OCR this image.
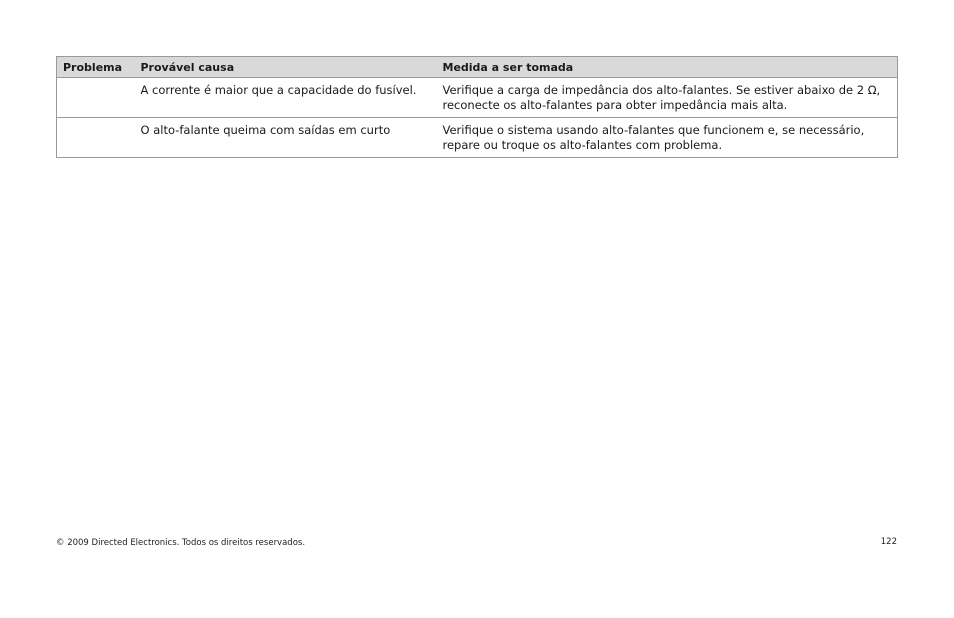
Problema	Provável causa	Medida a ser tomada
	A corrente é maior que a capacidade do fusível.	Verifique a carga de impedância dos alto-falantes. Se estiver abaixo de 2 Ω, reconecte os alto-falantes para obter impedância mais alta.
	O alto-falante queima com saídas em curto	Verifique o sistema usando alto-falantes que funcionem e, se necessário, repare ou troque os alto-falantes com problema.
© 2009 Directed Electronics. Todos os direitos reservados.	122
